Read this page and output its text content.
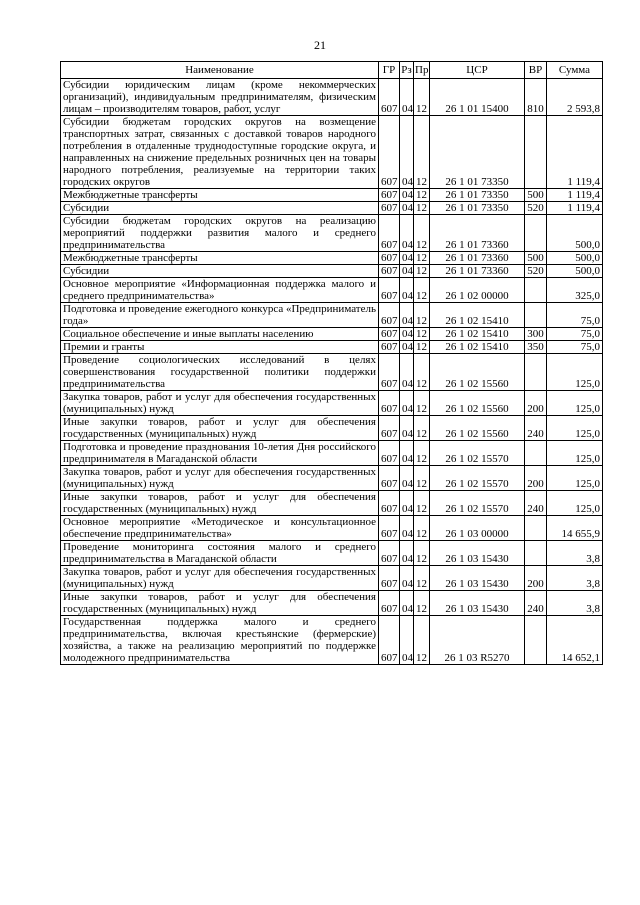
21
Наименование	ГР	Рз	Пр	ЦСР	ВР	Сумма
Субсидии юридическим лицам (кроме некоммерческих организаций), индивидуальным предпринимателям, физическим лицам – производителям товаров, работ, услуг	607	04	12	26 1 01 15400	810	2 593,8
Субсидии бюджетам городских округов на возмещение транспортных затрат, связанных с доставкой товаров народного потребления в отдаленные труднодоступные городские округа, и направленных на снижение предельных розничных цен на товары народного потребления, реализуемые на территории таких городских округов	607	04	12	26 1 01 73350		1 119,4
Межбюджетные трансферты	607	04	12	26 1 01 73350	500	1 119,4
Субсидии	607	04	12	26 1 01 73350	520	1 119,4
Субсидии бюджетам городских округов на реализацию мероприятий поддержки развития малого и среднего предпринимательства	607	04	12	26 1 01 73360		500,0
Межбюджетные трансферты	607	04	12	26 1 01 73360	500	500,0
Субсидии	607	04	12	26 1 01 73360	520	500,0
Основное мероприятие «Информационная поддержка малого и среднего предпринимательства»	607	04	12	26 1 02 00000		325,0
Подготовка и проведение ежегодного конкурса «Предприниматель года»	607	04	12	26 1 02 15410		75,0
Социальное обеспечение и иные выплаты населению	607	04	12	26 1 02 15410	300	75,0
Премии и гранты	607	04	12	26 1 02 15410	350	75,0
Проведение социологических исследований в целях совершенствования государственной политики поддержки предпринимательства	607	04	12	26 1 02 15560		125,0
Закупка товаров, работ и услуг для обеспечения государственных (муниципальных) нужд	607	04	12	26 1 02 15560	200	125,0
Иные закупки товаров, работ и услуг для обеспечения государственных (муниципальных) нужд	607	04	12	26 1 02 15560	240	125,0
Подготовка и проведение празднования 10-летия Дня российского предпринимателя в Магаданской области	607	04	12	26 1 02 15570		125,0
Закупка товаров, работ и услуг для обеспечения государственных (муниципальных) нужд	607	04	12	26 1 02 15570	200	125,0
Иные закупки товаров, работ и услуг для обеспечения государственных (муниципальных) нужд	607	04	12	26 1 02 15570	240	125,0
Основное мероприятие «Методическое и консультационное обеспечение предпринимательства»	607	04	12	26 1 03 00000		14 655,9
Проведение мониторинга состояния малого и среднего предпринимательства в Магаданской области	607	04	12	26 1 03 15430		3,8
Закупка товаров, работ и услуг для обеспечения государственных (муниципальных) нужд	607	04	12	26 1 03 15430	200	3,8
Иные закупки товаров, работ и услуг для обеспечения государственных (муниципальных) нужд	607	04	12	26 1 03 15430	240	3,8
Государственная поддержка малого и среднего предпринимательства, включая крестьянские (фермерские) хозяйства, а также на реализацию мероприятий по поддержке молодежного предпринимательства	607	04	12	26 1 03 R5270		14 652,1
